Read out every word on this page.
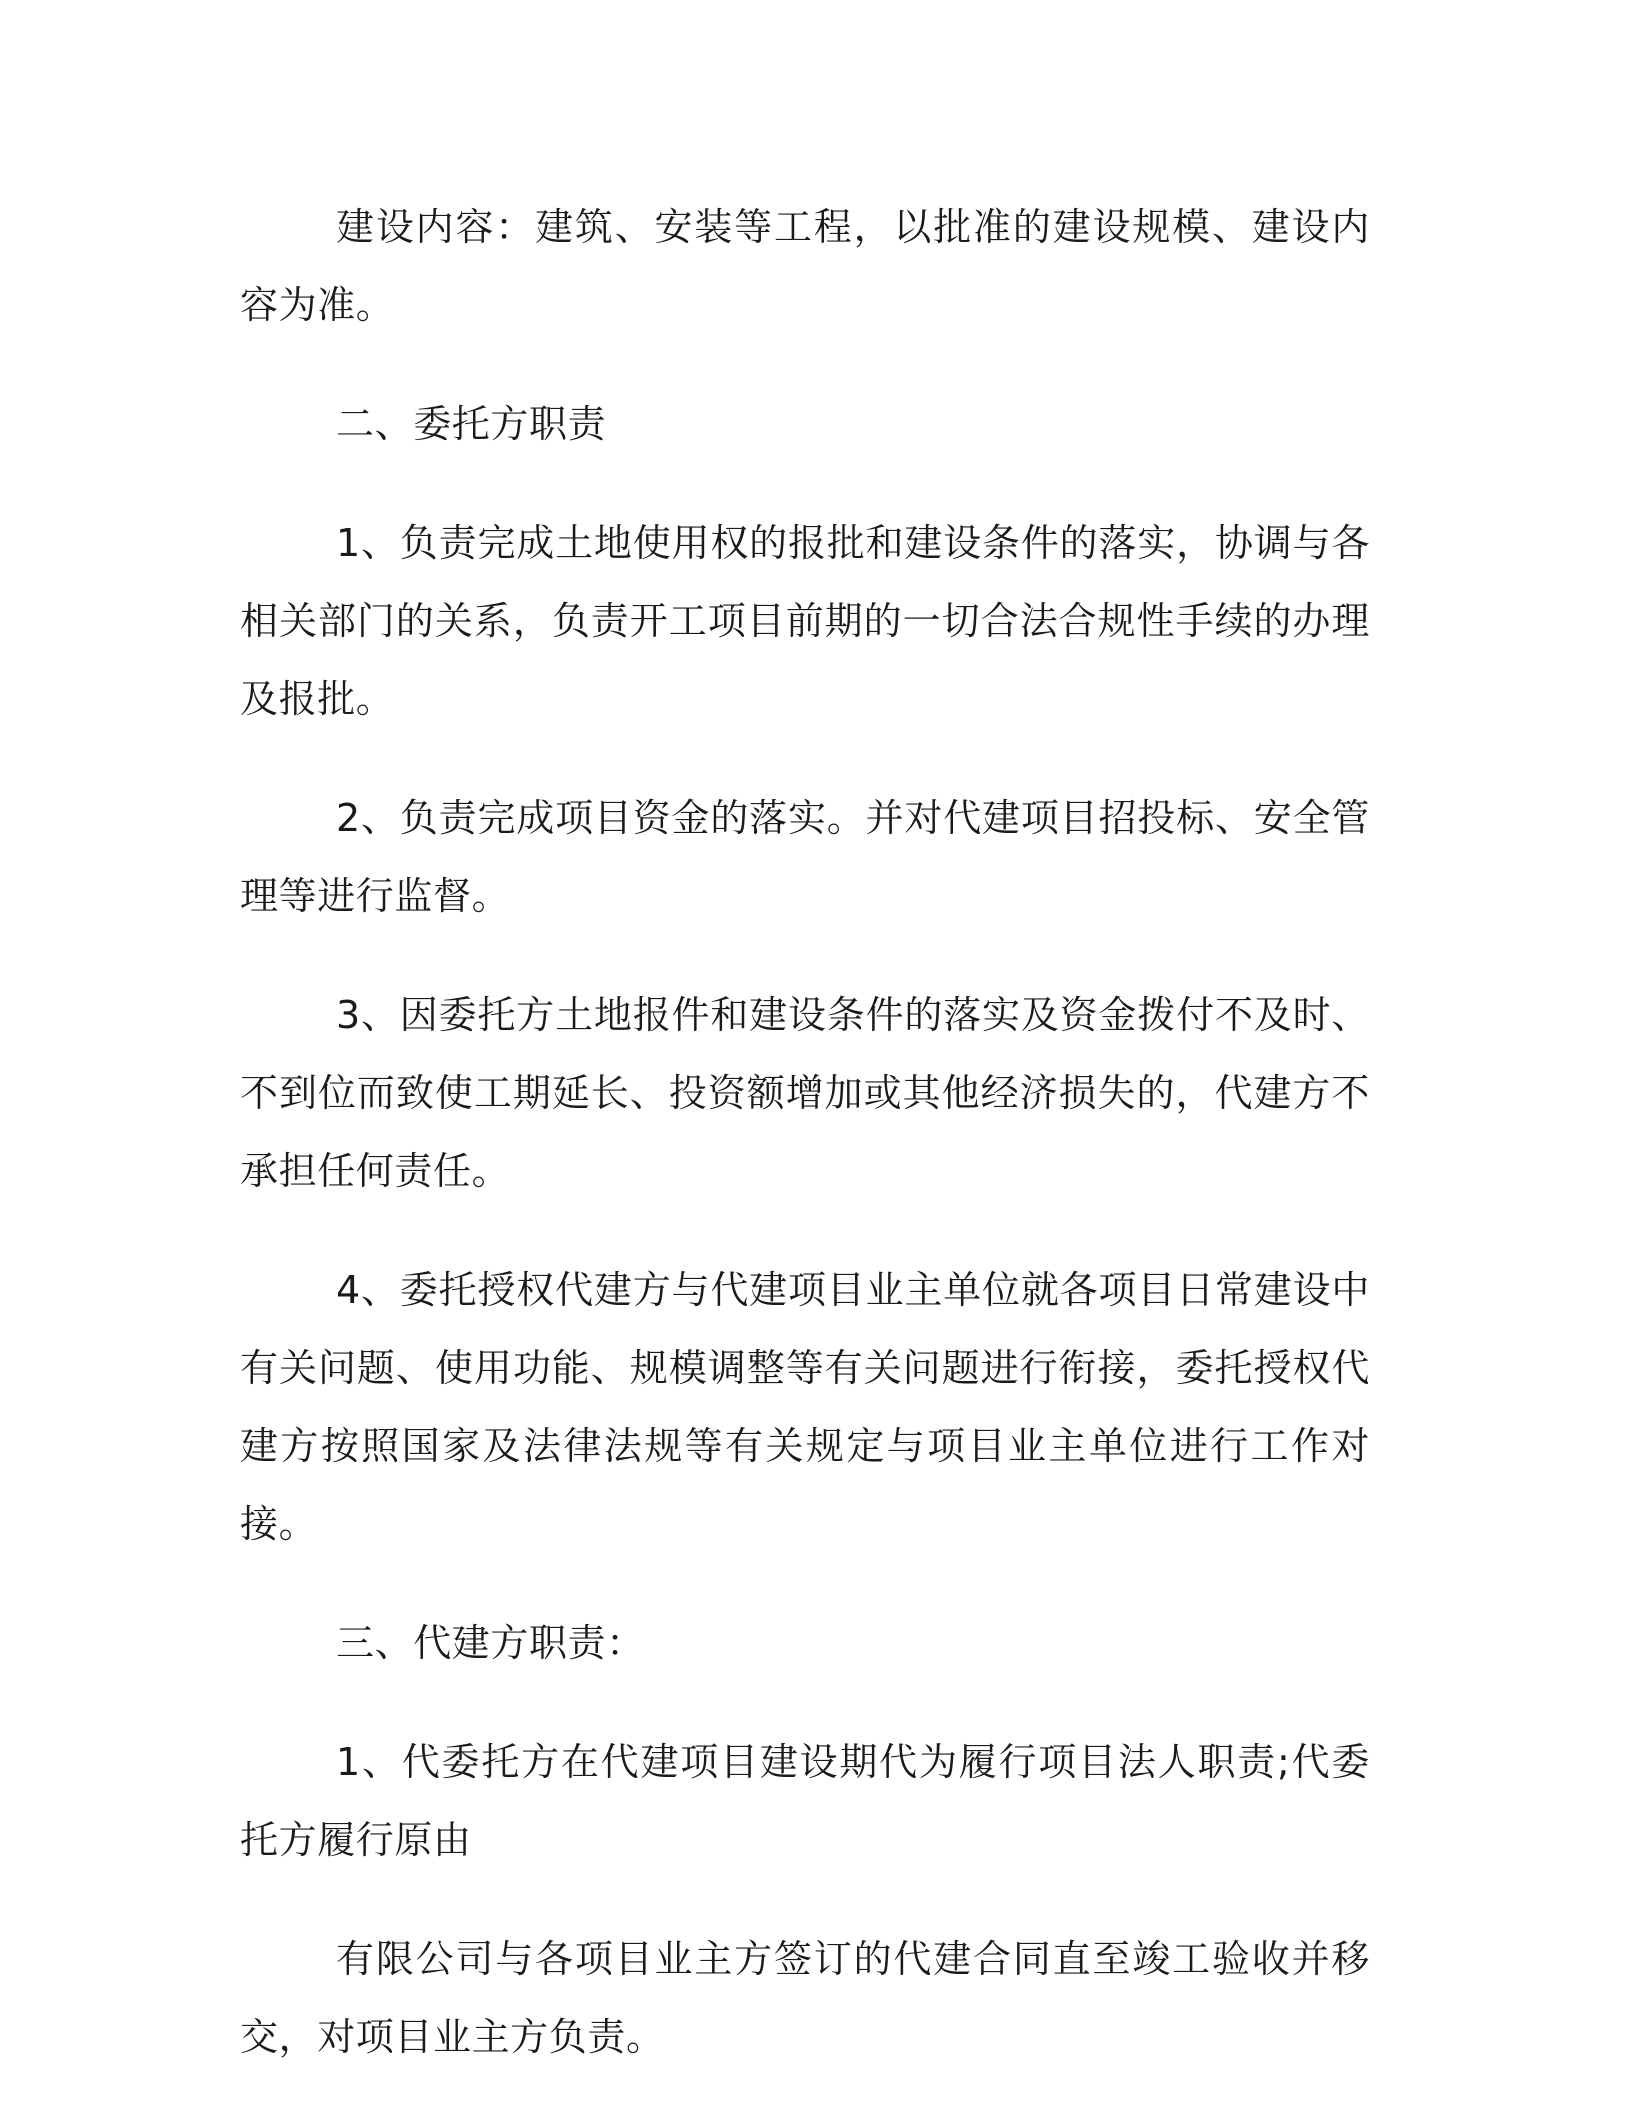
建设内容：建筑、安装等工程，以批准的建设规模、建设内容为准。

二、委托方职责

1、负责完成土地使用权的报批和建设条件的落实，协调与各相关部门的关系，负责开工项目前期的一切合法合规性手续的办理及报批。

2、负责完成项目资金的落实。并对代建项目招投标、安全管理等进行监督。

3、因委托方土地报件和建设条件的落实及资金拨付不及时、不到位而致使工期延长、投资额增加或其他经济损失的，代建方不承担任何责任。

4、委托授权代建方与代建项目业主单位就各项目日常建设中有关问题、使用功能、规模调整等有关问题进行衔接，委托授权代建方按照国家及法律法规等有关规定与项目业主单位进行工作对接。

三、代建方职责：

1、代委托方在代建项目建设期代为履行项目法人职责;代委托方履行原由

有限公司与各项目业主方签订的代建合同直至竣工验收并移交，对项目业主方负责。
